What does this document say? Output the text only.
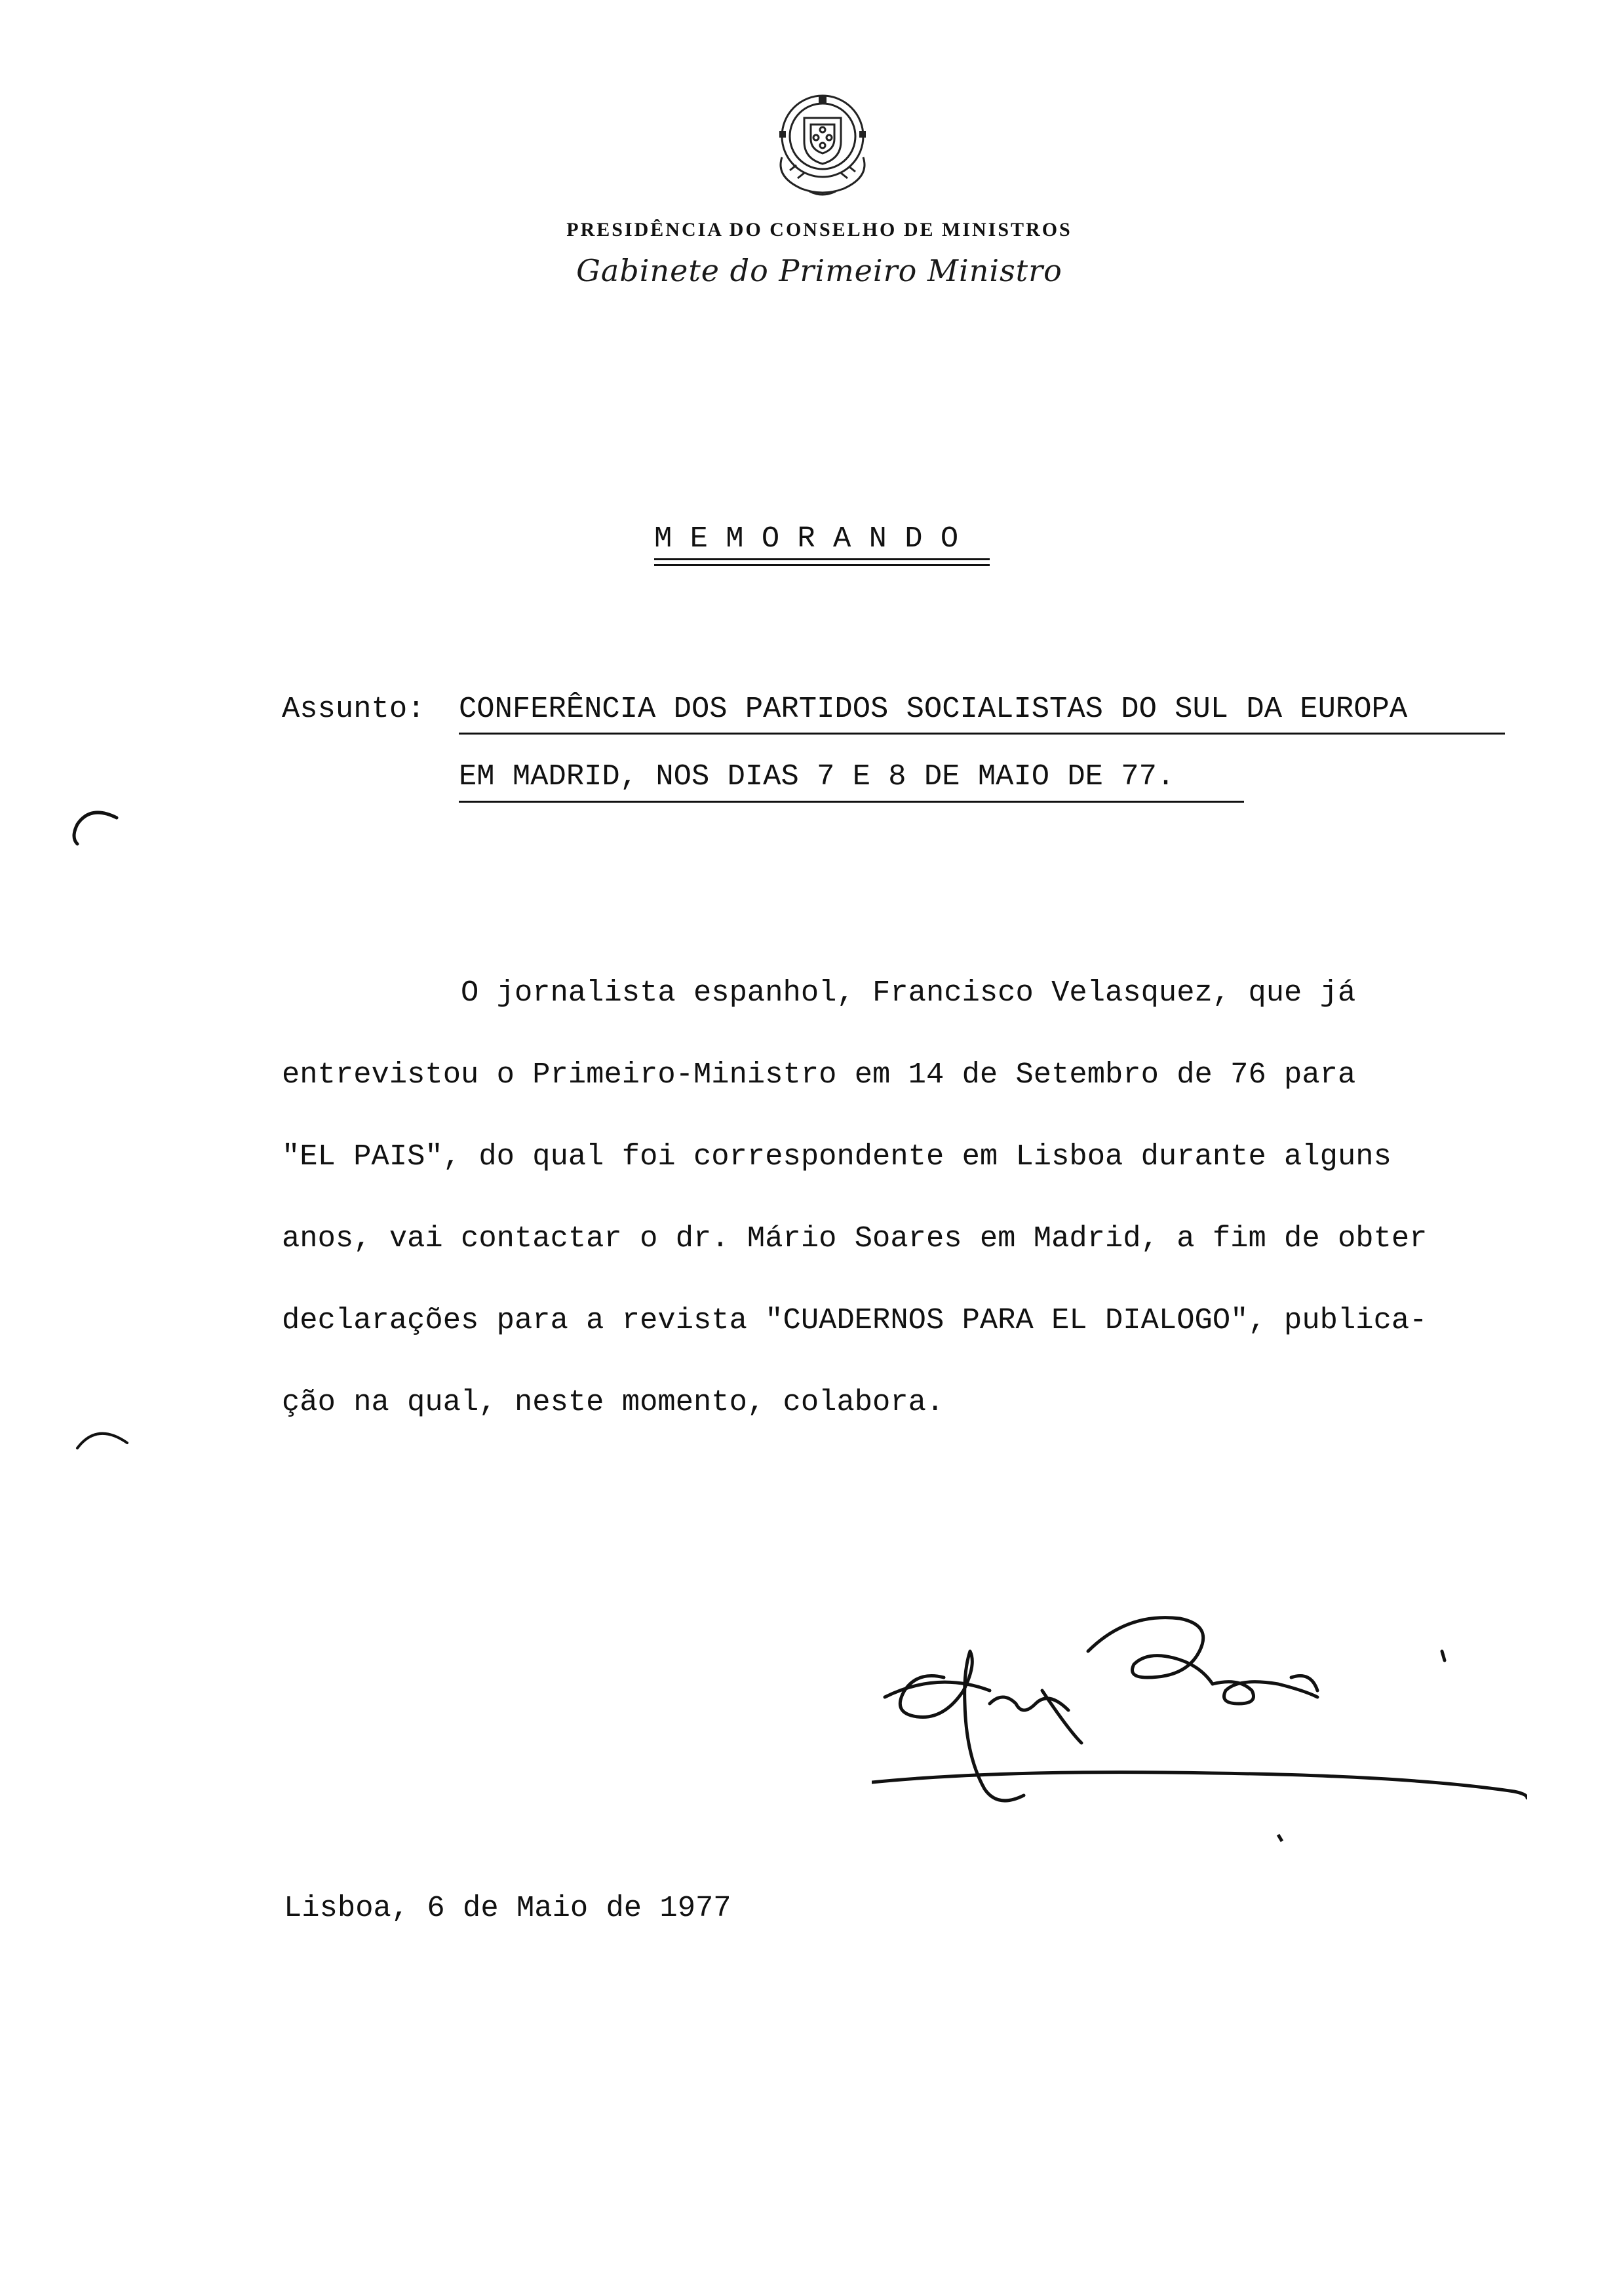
PRESIDÊNCIA DO CONSELHO DE MINISTROS
Gabinete do Primeiro Ministro
M E M O R A N D O
Assunto: CONFERÊNCIA DOS PARTIDOS SOCIALISTAS DO SUL DA EUROPA
EM MADRID, NOS DIAS 7 E 8 DE MAIO DE 77.
O jornalista espanhol, Francisco Velasquez, que já
entrevistou o Primeiro-Ministro em 14 de Setembro de 76 para
"EL PAIS", do qual foi correspondente em Lisboa durante alguns
anos, vai contactar o dr. Mário Soares em Madrid, a fim de obter
declarações para a revista "CUADERNOS PARA EL DIALOGO", publica-
ção na qual, neste momento, colabora.
Lisboa, 6 de Maio de 1977
